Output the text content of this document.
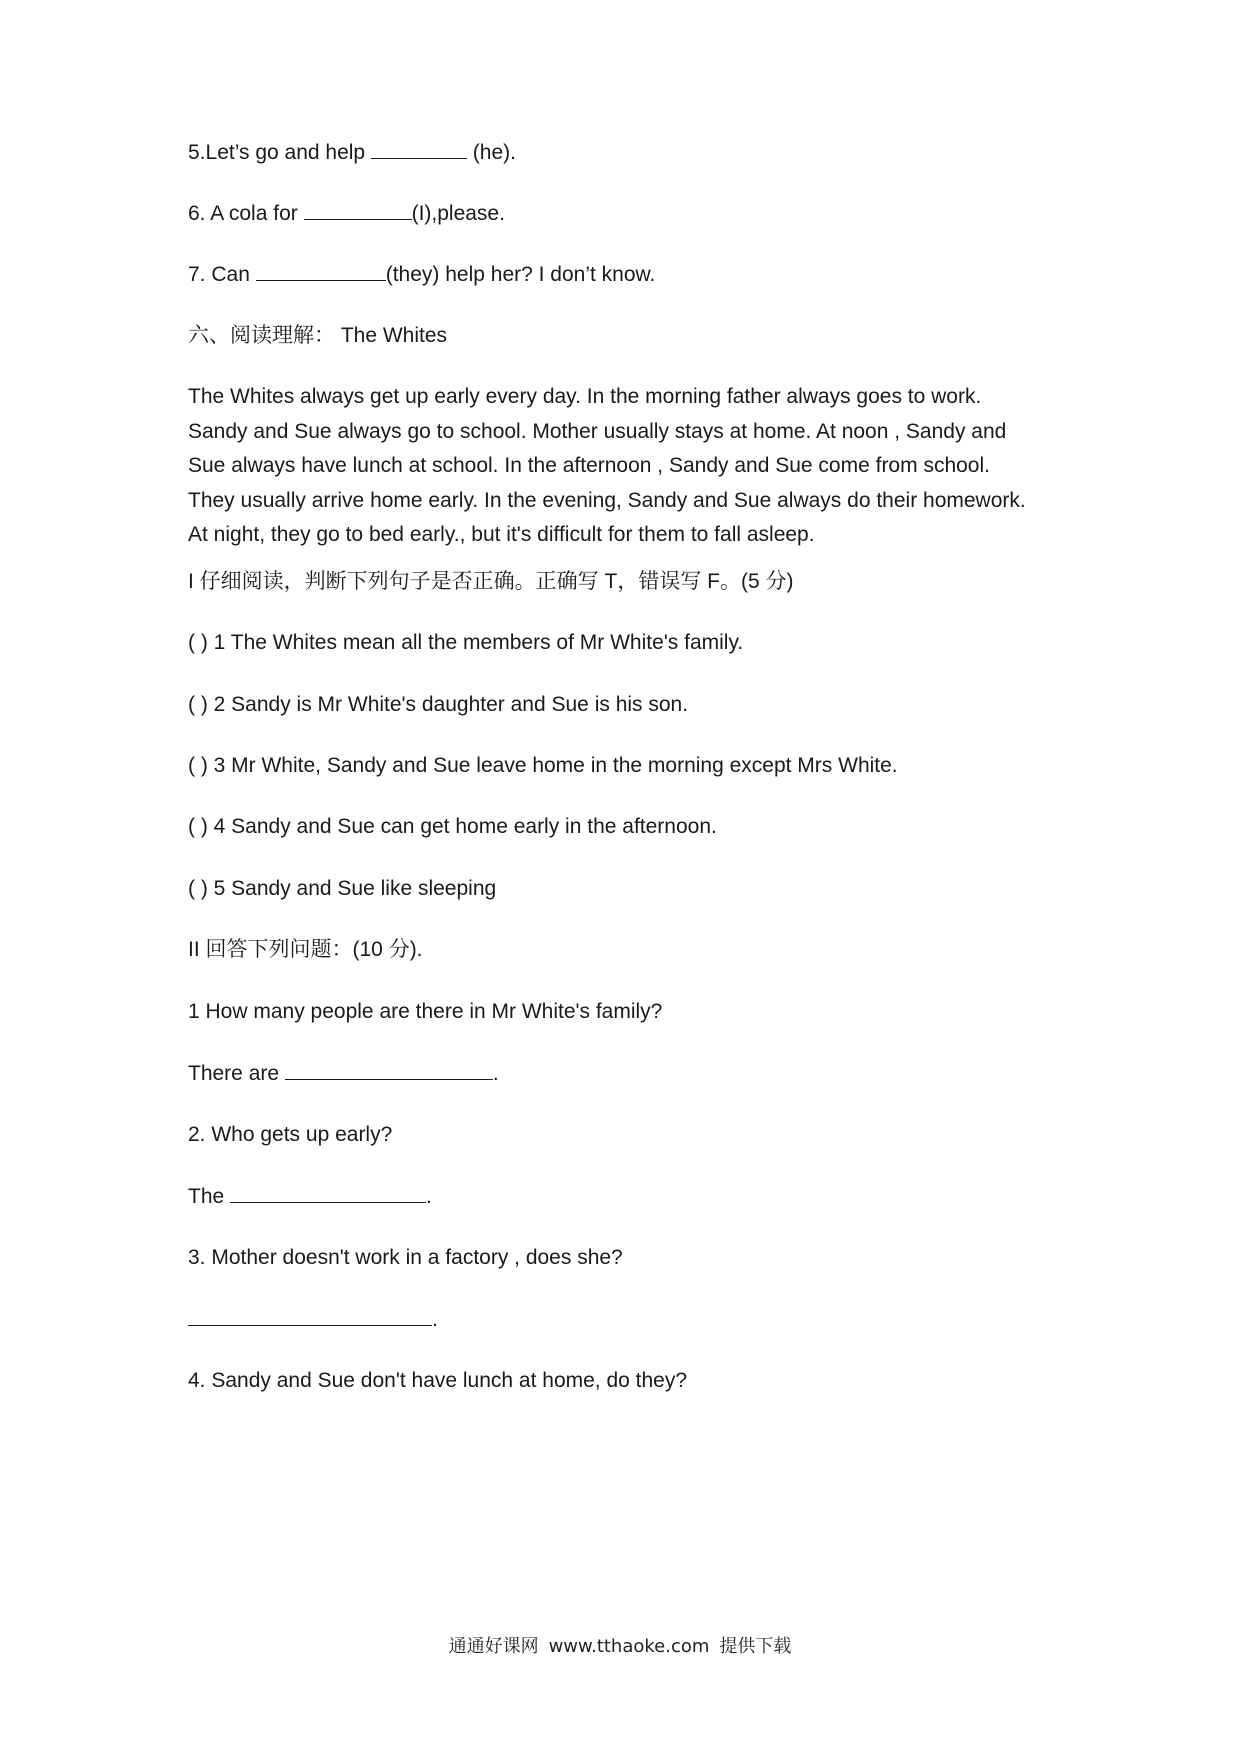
5.Let’s go and help	(he).
6. A cola for	(I),please.
7. Can	(they) help her? I don’t know.
六、阅读理解： The Whites
The Whites always get up early every day. In the morning father always goes to work.
Sandy and Sue always go to school. Mother usually stays at home. At noon , Sandy and
Sue always have lunch at school. In the afternoon , Sandy and Sue come from school.
They usually arrive home early. In the evening, Sandy and Sue always do their homework.
At night, they go to bed early., but it's difficult for them to fall asleep.
I 仔细阅读，判断下列句子是否正确。正确写 T，错误写 F。(5 分)
( ) 1 The Whites mean all the members of Mr White's family.
( ) 2 Sandy is Mr White's daughter and Sue is his son.
( ) 3 Mr White, Sandy and Sue leave home in the morning except Mrs White.
( ) 4 Sandy and Sue can get home early in the afternoon.
( ) 5 Sandy and Sue like sleeping
II 回答下列问题：(10 分).
1 How many people are there in Mr White's family?
There are	.
2. Who gets up early?
The	.
3. Mother doesn't work in a factory , does she?
.
4. Sandy and Sue don't have lunch at home, do they?
通通好课网 www.tthaoke.com 提供下载
